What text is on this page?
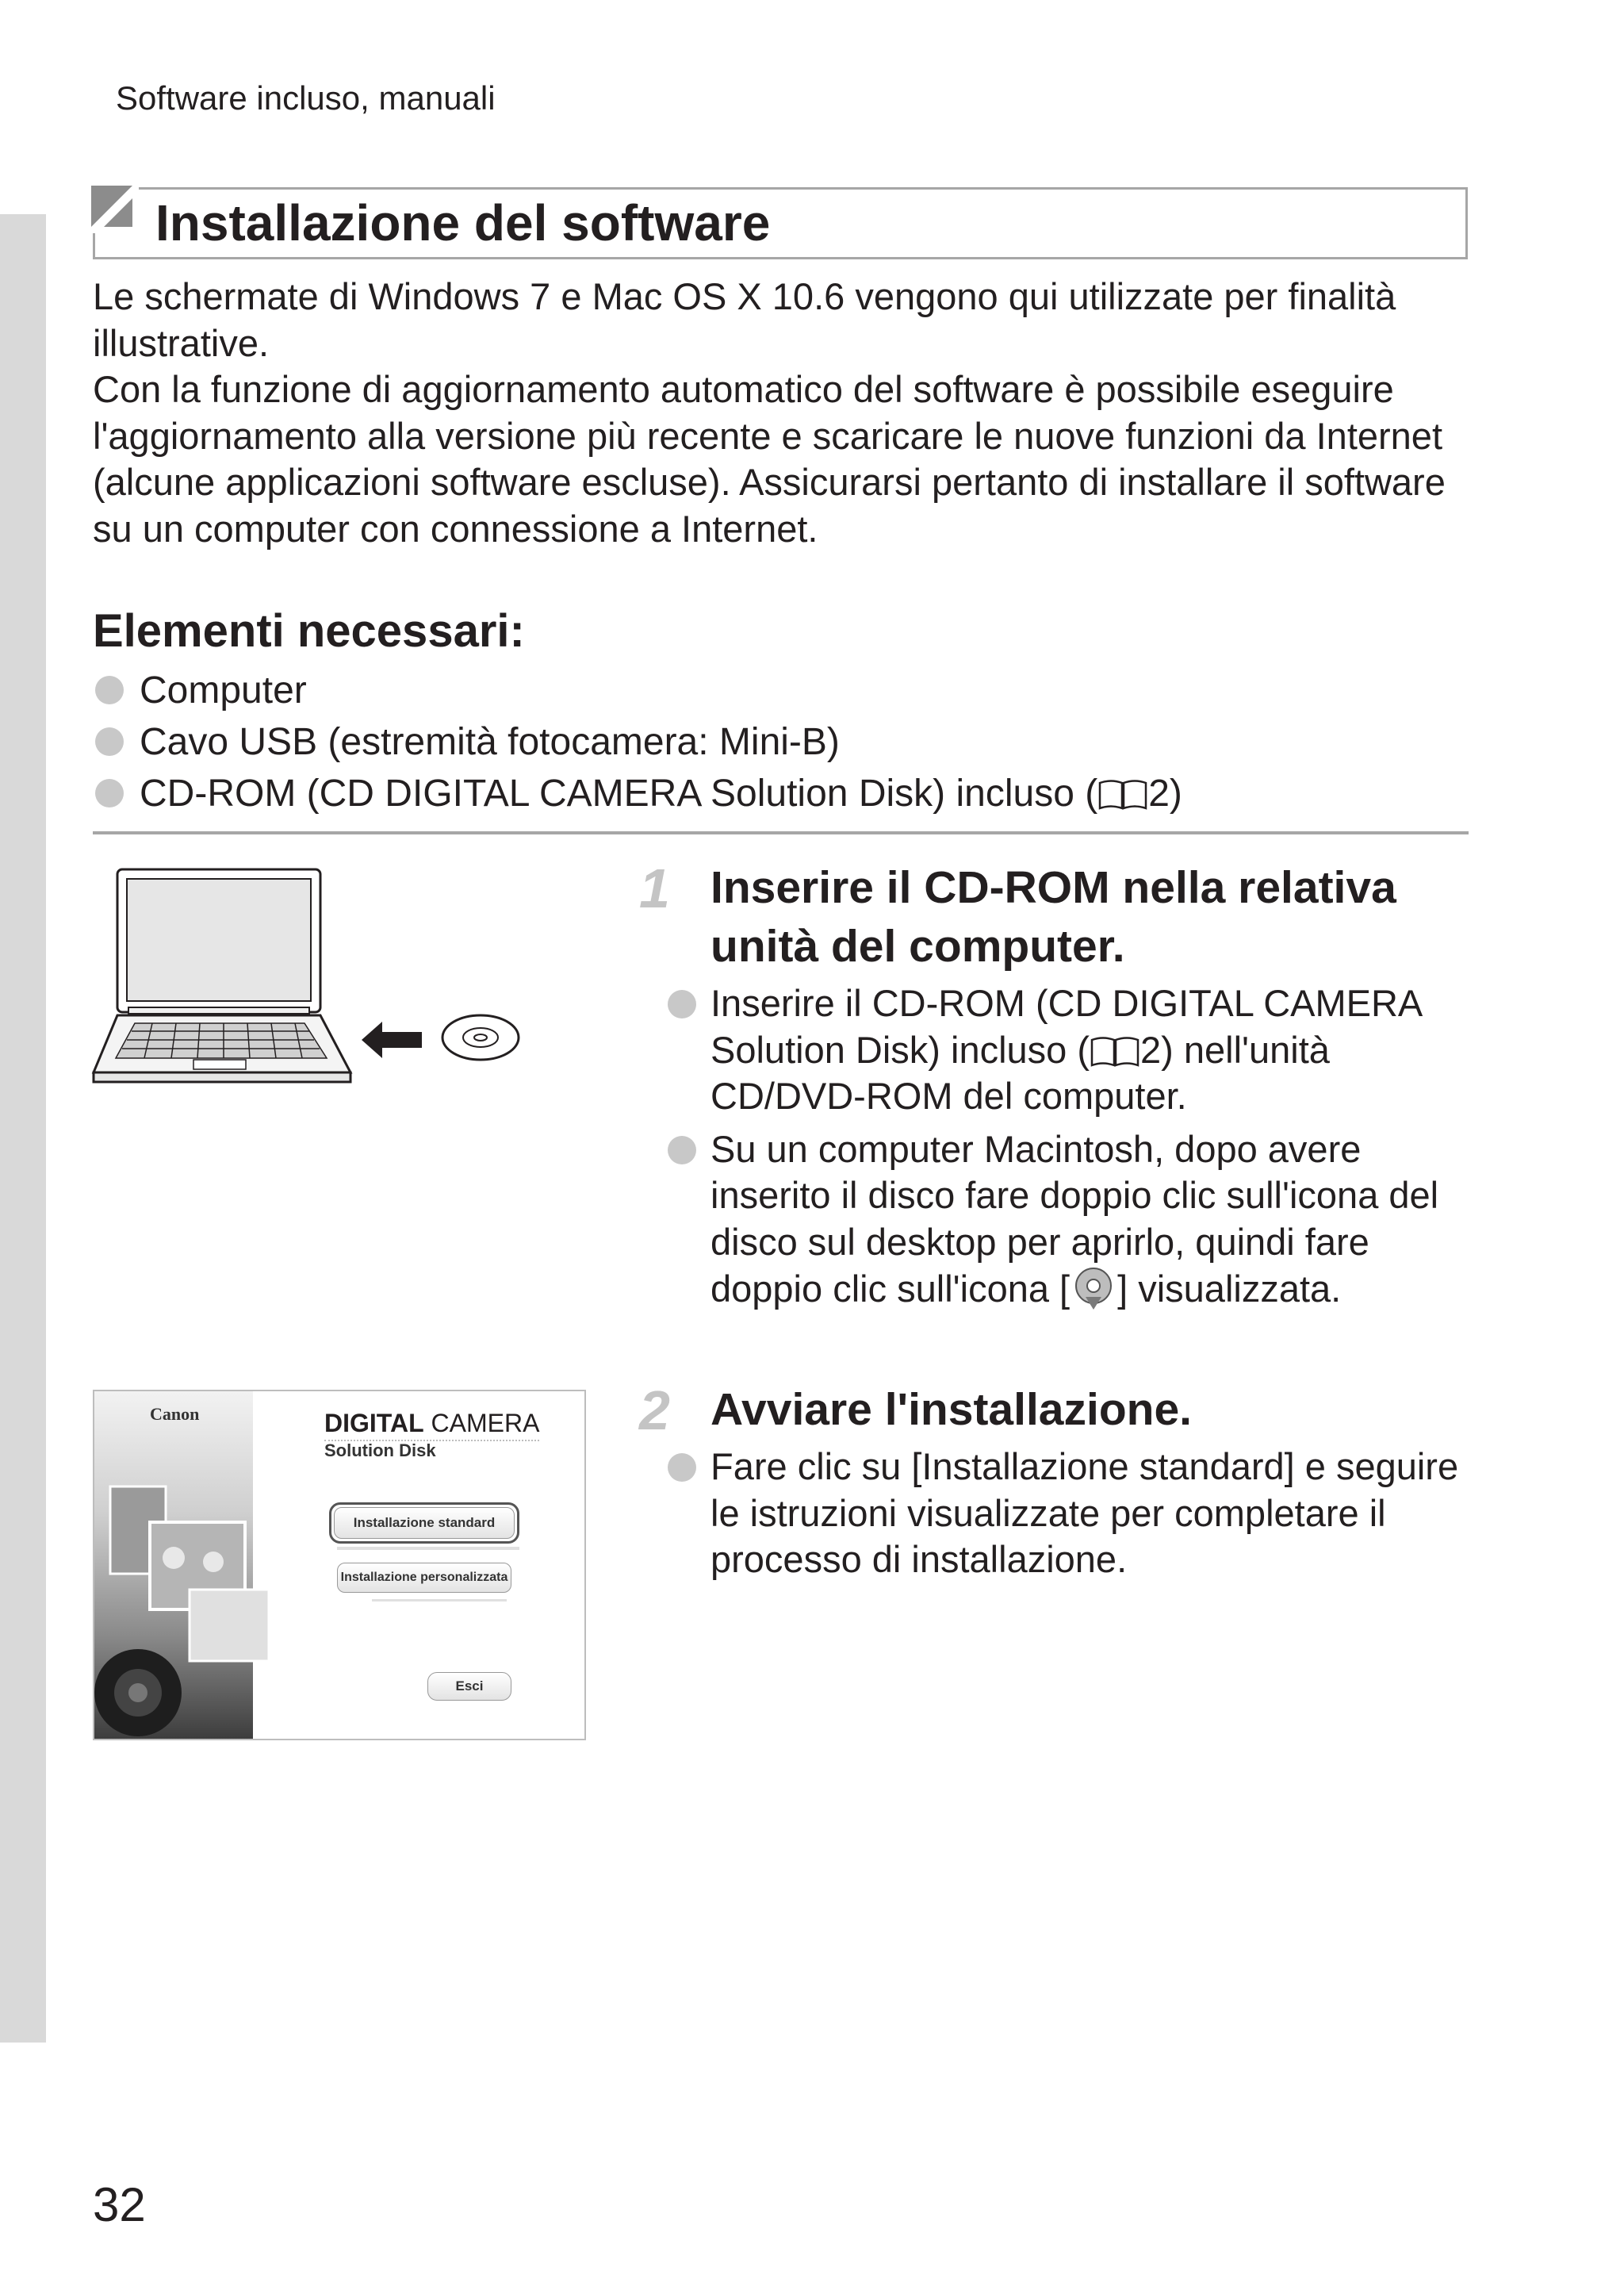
Software incluso, manuali
Installazione del software

Le schermate di Windows 7 e Mac OS X 10.6 vengono qui utilizzate per finalità illustrative.

Con la funzione di aggiornamento automatico del software è possibile eseguire l'aggiornamento alla versione più recente e scaricare le nuove funzioni da Internet (alcune applicazioni software escluse). Assicurarsi pertanto di installare il software su un computer con connessione a Internet.

Elementi necessari:
Computer
Cavo USB (estremità fotocamera: Mini-B)
CD-ROM (CD DIGITAL CAMERA Solution Disk) incluso ( 2)
1 Inserire il CD-ROM nella relativa unità del computer.

Inserire il CD-ROM (CD DIGITAL CAMERA Solution Disk) incluso ( 2) nell'unità CD/DVD-ROM del computer.
Su un computer Macintosh, dopo avere inserito il disco fare doppio clic sull'icona del disco sul desktop per aprirlo, quindi fare doppio clic sull'icona [ ] visualizzata.
Canon	DIGITAL CAMERA
Solution Disk
Installazione standard
Installazione personalizzata
Esci
2 Avviare l'installazione.

Fare clic su [Installazione standard] e seguire le istruzioni visualizzate per completare il processo di installazione.
32
